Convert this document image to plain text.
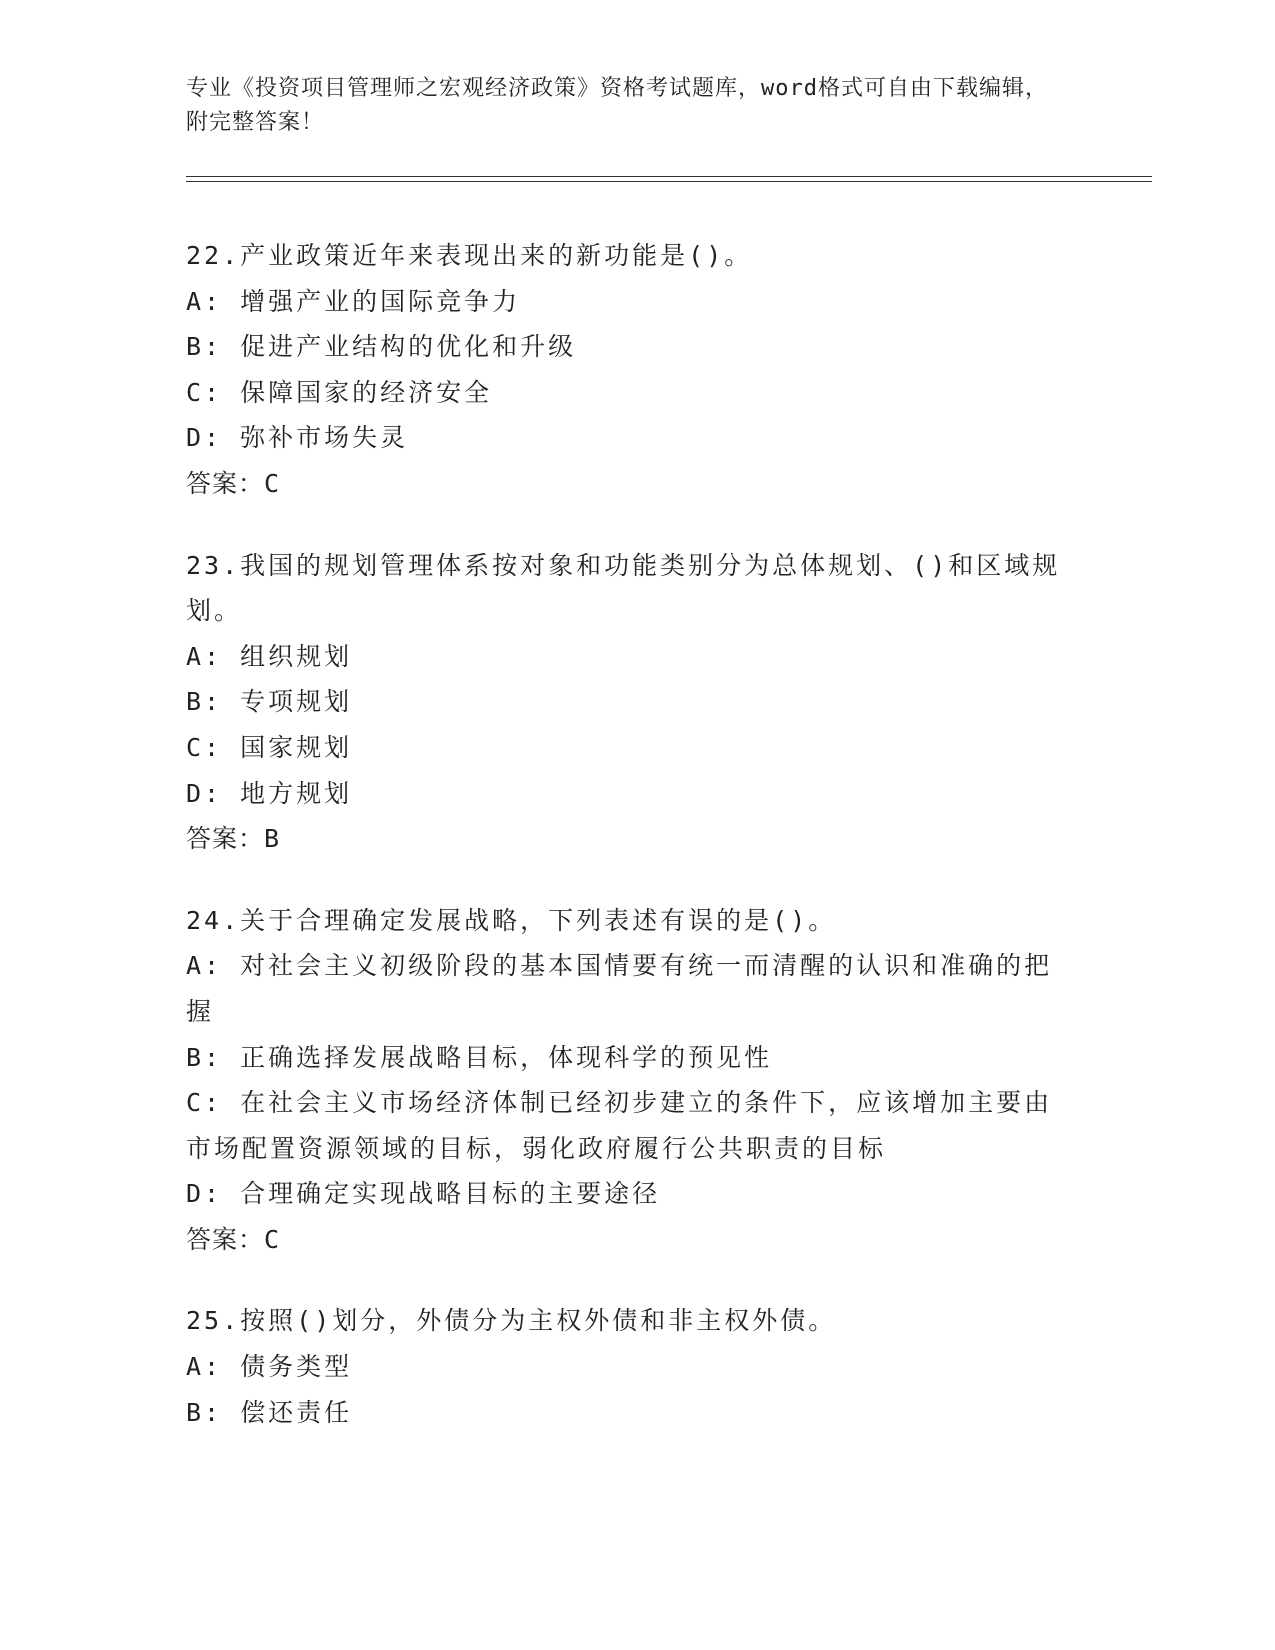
专业《投资项目管理师之宏观经济政策》资格考试题库，word格式可自由下载编辑，附完整答案！
22.产业政策近年来表现出来的新功能是()。
A: 增强产业的国际竞争力
B: 促进产业结构的优化和升级
C: 保障国家的经济安全
D: 弥补市场失灵
答案：C
23.我国的规划管理体系按对象和功能类别分为总体规划、()和区域规划。
A: 组织规划
B: 专项规划
C: 国家规划
D: 地方规划
答案：B
24.关于合理确定发展战略，下列表述有误的是()。
A: 对社会主义初级阶段的基本国情要有统一而清醒的认识和准确的把握
B: 正确选择发展战略目标，体现科学的预见性
C: 在社会主义市场经济体制已经初步建立的条件下，应该增加主要由市场配置资源领域的目标，弱化政府履行公共职责的目标
D: 合理确定实现战略目标的主要途径
答案：C
25.按照()划分，外债分为主权外债和非主权外债。
A: 债务类型
B: 偿还责任
